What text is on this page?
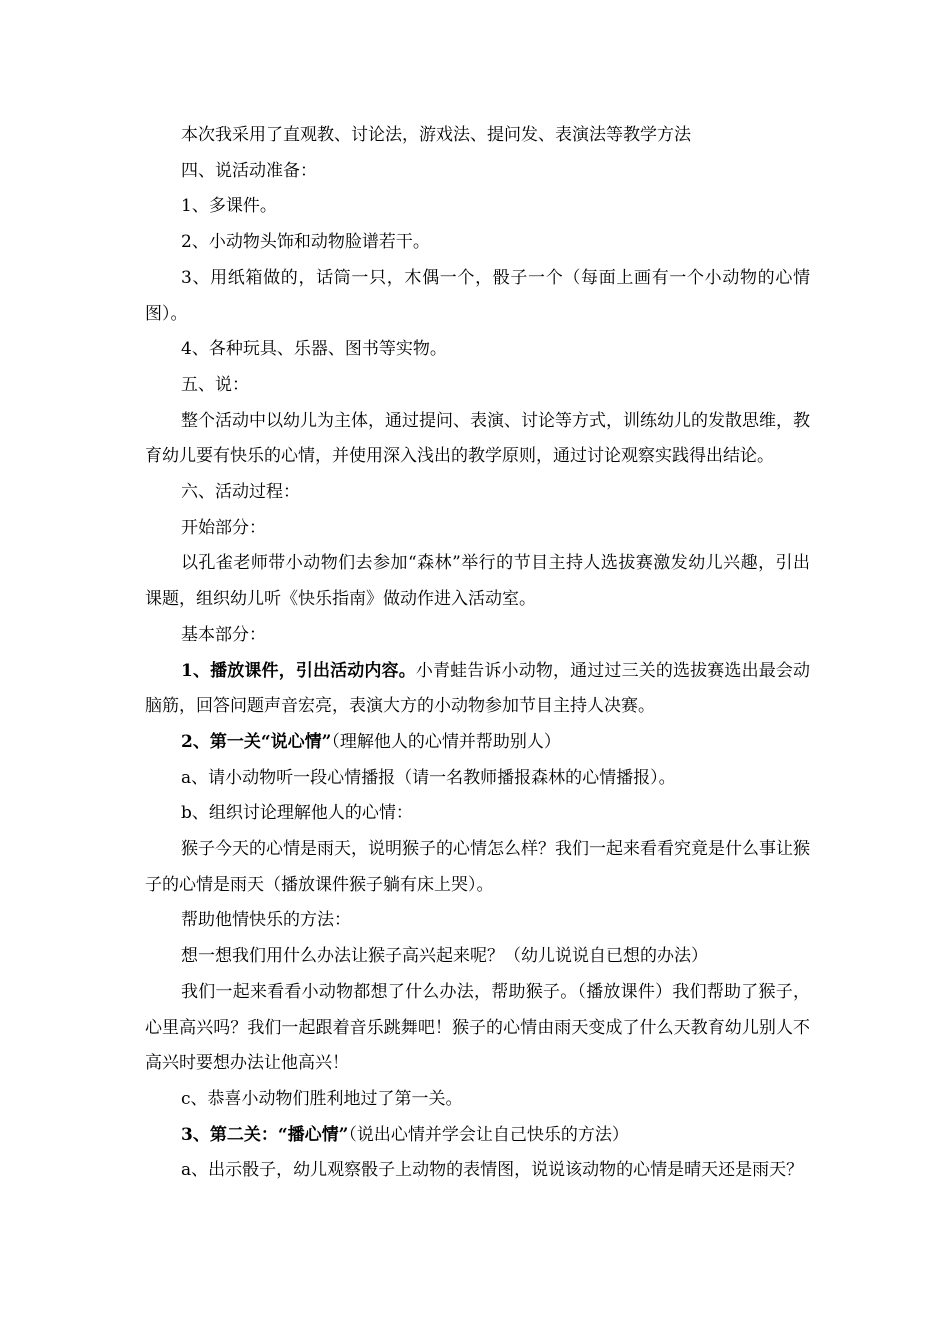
本次我采用了直观教、讨论法，游戏法、提问发、表演法等教学方法

四、说活动准备：

1、多课件。

2、小动物头饰和动物脸谱若干。

3、用纸箱做的，话筒一只，木偶一个，骰子一个（每面上画有一个小动物的心情图）。

4、各种玩具、乐器、图书等实物。

五、说：

整个活动中以幼儿为主体，通过提问、表演、讨论等方式，训练幼儿的发散思维，教育幼儿要有快乐的心情，并使用深入浅出的教学原则，通过讨论观察实践得出结论。

六、活动过程：

开始部分：

以孔雀老师带小动物们去参加“森林”举行的节目主持人选拔赛激发幼儿兴趣，引出课题，组织幼儿听《快乐指南》做动作进入活动室。

基本部分：

1、播放课件，引出活动内容。小青蛙告诉小动物，通过过三关的选拔赛选出最会动脑筋，回答问题声音宏亮，表演大方的小动物参加节目主持人决赛。

2、第一关“说心情”（理解他人的心情并帮助别人）

a、请小动物听一段心情播报（请一名教师播报森林的心情播报）。

b、组织讨论理解他人的心情：

猴子今天的心情是雨天，说明猴子的心情怎么样？我们一起来看看究竟是什么事让猴子的心情是雨天（播放课件猴子躺有床上哭）。

帮助他情快乐的方法：

想一想我们用什么办法让猴子高兴起来呢？（幼儿说说自已想的办法）

我们一起来看看小动物都想了什么办法，帮助猴子。（播放课件）我们帮助了猴子，心里高兴吗？我们一起跟着音乐跳舞吧！猴子的心情由雨天变成了什么天教育幼儿别人不高兴时要想办法让他高兴！

c、恭喜小动物们胜利地过了第一关。

3、第二关：“播心情”（说出心情并学会让自己快乐的方法）

a、出示骰子，幼儿观察骰子上动物的表情图，说说该动物的心情是晴天还是雨天？
